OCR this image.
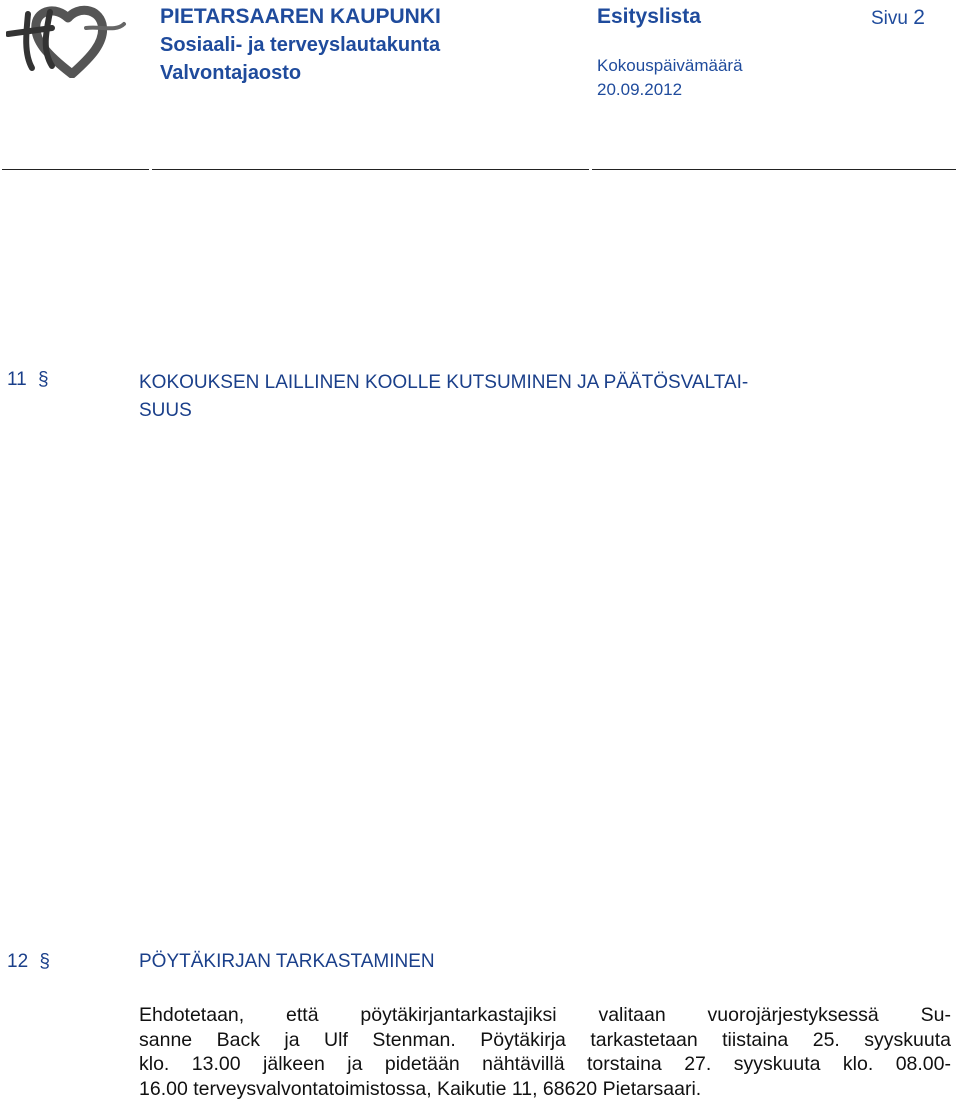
PIETARSAAREN KAUPUNKI
Sosiaali- ja terveyslautakunta
Valvontajaosto
Esityslista	Sivu 2
Kokouspäivämäärä
20.09.2012
11 §	KOKOUKSEN LAILLINEN KOOLLE KUTSUMINEN JA PÄÄTÖSVALTAI-
SUUS
12 §	PÖYTÄKIRJAN TARKASTAMINEN
Ehdotetaan, että pöytäkirjantarkastajiksi valitaan vuorojärjestyksessä Su-
sanne Back ja Ulf Stenman. Pöytäkirja tarkastetaan tiistaina 25. syyskuuta
klo. 13.00 jälkeen ja pidetään nähtävillä torstaina 27. syyskuuta klo. 08.00-
16.00 terveysvalvontatoimistossa, Kaikutie 11, 68620 Pietarsaari.
